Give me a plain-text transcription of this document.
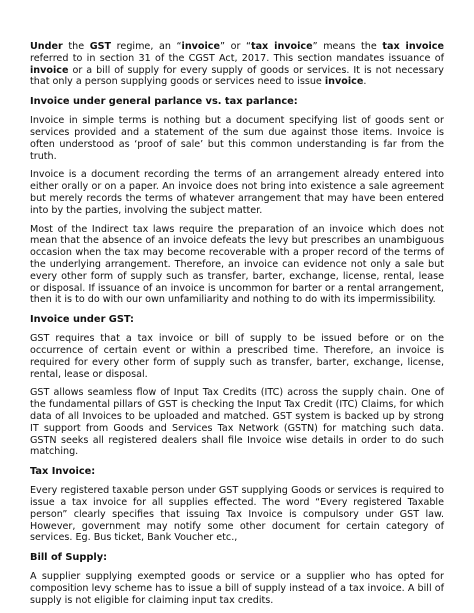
Under the GST regime, an “invoice” or “tax invoice” means the tax invoice referred to in section 31 of the CGST Act, 2017. This section mandates issuance of invoice or a bill of supply for every supply of goods or services. It is not necessary that only a person supplying goods or services need to issue invoice.

Invoice under general parlance vs. tax parlance:

Invoice in simple terms is nothing but a document specifying list of goods sent or services provided and a statement of the sum due against those items. Invoice is often understood as ‘proof of sale’ but this common understanding is far from the truth.

Invoice is a document recording the terms of an arrangement already entered into either orally or on a paper. An invoice does not bring into existence a sale agreement but merely records the terms of whatever arrangement that may have been entered into by the parties, involving the subject matter.

Most of the Indirect tax laws require the preparation of an invoice which does not mean that the absence of an invoice defeats the levy but prescribes an unambiguous occasion when the tax may become recoverable with a proper record of the terms of the underlying arrangement. Therefore, an invoice can evidence not only a sale but every other form of supply such as transfer, barter, exchange, license, rental, lease or disposal. If issuance of an invoice is uncommon for barter or a rental arrangement, then it is to do with our own unfamiliarity and nothing to do with its impermissibility.

Invoice under GST:

GST requires that a tax invoice or bill of supply to be issued before or on the occurrence of certain event or within a prescribed time. Therefore, an invoice is required for every other form of supply such as transfer, barter, exchange, license, rental, lease or disposal.

GST allows seamless flow of Input Tax Credits (ITC) across the supply chain. One of the fundamental pillars of GST is checking the Input Tax Credit (ITC) Claims, for which data of all Invoices to be uploaded and matched. GST system is backed up by strong IT support from Goods and Services Tax Network (GSTN) for matching such data. GSTN seeks all registered dealers shall file Invoice wise details in order to do such matching.

Tax Invoice:

Every registered taxable person under GST supplying Goods or services is required to issue a tax invoice for all supplies effected. The word “Every registered Taxable person” clearly specifies that issuing Tax Invoice is compulsory under GST law. However, government may notify some other document for certain category of services. Eg. Bus ticket, Bank Voucher etc.,

Bill of Supply:

A supplier supplying exempted goods or service or a supplier who has opted for composition levy scheme has to issue a bill of supply instead of a tax invoice. A bill of supply is not eligible for claiming input tax credits.
